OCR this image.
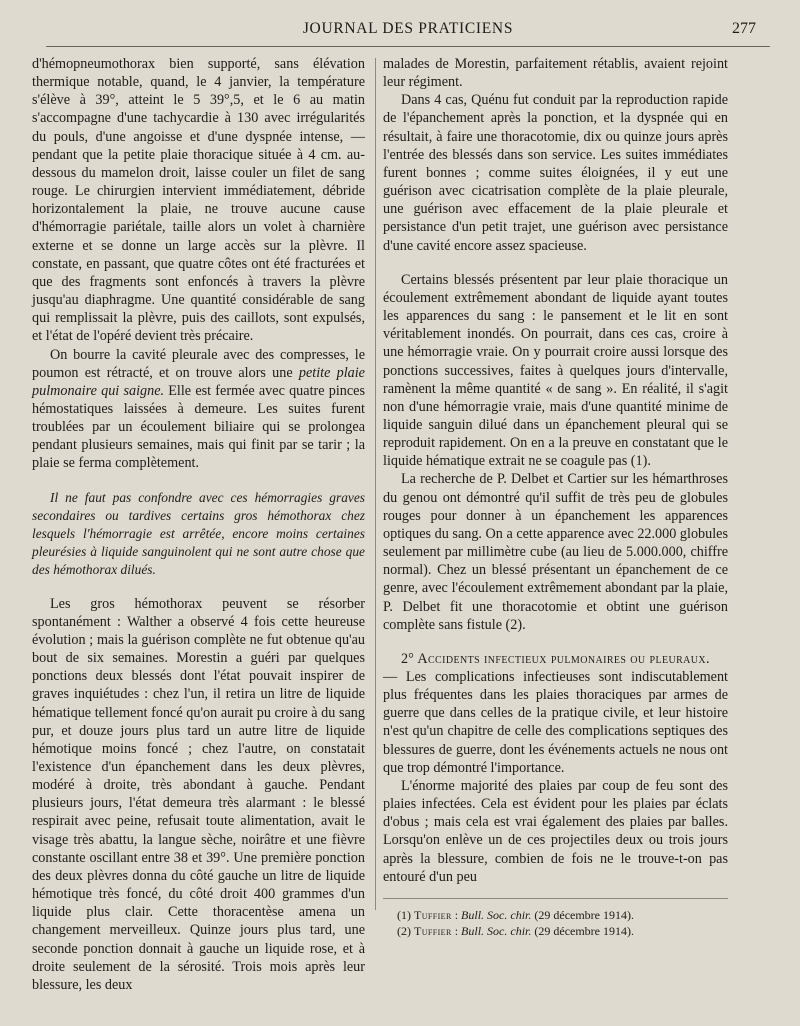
JOURNAL DES PRATICIENS	277

d'hémopneumothorax bien supporté, sans élévation thermique notable, quand, le 4 janvier, la température s'élève à 39°, atteint le 5 39°,5, et le 6 au matin s'accompagne d'une tachycardie à 130 avec irrégularités du pouls, d'une angoisse et d'une dyspnée intense, — pendant que la petite plaie thoracique située à 4 cm. au-dessous du mamelon droit, laisse couler un filet de sang rouge. Le chirurgien intervient immédiatement, débride horizontalement la plaie, ne trouve aucune cause d'hémorragie pariétale, taille alors un volet à charnière externe et se donne un large accès sur la plèvre. Il constate, en passant, que quatre côtes ont été fracturées et que des fragments sont enfoncés à travers la plèvre jusqu'au diaphragme. Une quantité considérable de sang qui remplissait la plèvre, puis des caillots, sont expulsés, et l'état de l'opéré devient très précaire.

On bourre la cavité pleurale avec des compresses, le poumon est rétracté, et on trouve alors une petite plaie pulmonaire qui saigne. Elle est fermée avec quatre pinces hémostatiques laissées à demeure. Les suites furent troublées par un écoulement biliaire qui se prolongea pendant plusieurs semaines, mais qui finit par se tarir ; la plaie se ferma complètement.

Il ne faut pas confondre avec ces hémorragies graves secondaires ou tardives certains gros hémothorax chez lesquels l'hémorragie est arrêtée, encore moins certaines pleurésies à liquide sanguinolent qui ne sont autre chose que des hémothorax dilués.

Les gros hémothorax peuvent se résorber spontanément : Walther a observé 4 fois cette heureuse évolution ; mais la guérison complète ne fut obtenue qu'au bout de six semaines. Morestin a guéri par quelques ponctions deux blessés dont l'état pouvait inspirer de graves inquiétudes : chez l'un, il retira un litre de liquide hématique tellement foncé qu'on aurait pu croire à du sang pur, et douze jours plus tard un autre litre de liquide hémotique moins foncé ; chez l'autre, on constatait l'existence d'un épanchement dans les deux plèvres, modéré à droite, très abondant à gauche. Pendant plusieurs jours, l'état demeura très alarmant : le blessé respirait avec peine, refusait toute alimentation, avait le visage très abattu, la langue sèche, noirâtre et une fièvre constante oscillant entre 38 et 39°. Une première ponction des deux plèvres donna du côté gauche un litre de liquide hémotique très foncé, du côté droit 400 grammes d'un liquide plus clair. Cette thoracentèse amena un changement merveilleux. Quinze jours plus tard, une seconde ponction donnait à gauche un liquide rose, et à droite seulement de la sérosité. Trois mois après leur blessure, les deux

malades de Morestin, parfaitement rétablis, avaient rejoint leur régiment.

Dans 4 cas, Quénu fut conduit par la reproduction rapide de l'épanchement après la ponction, et la dyspnée qui en résultait, à faire une thoracotomie, dix ou quinze jours après l'entrée des blessés dans son service. Les suites immédiates furent bonnes ; comme suites éloignées, il y eut une guérison avec cicatrisation complète de la plaie pleurale, une guérison avec effacement de la plaie pleurale et persistance d'un petit trajet, une guérison avec persistance d'une cavité encore assez spacieuse.

Certains blessés présentent par leur plaie thoracique un écoulement extrêmement abondant de liquide ayant toutes les apparences du sang : le pansement et le lit en sont véritablement inondés. On pourrait, dans ces cas, croire à une hémorragie vraie. On y pourrait croire aussi lorsque des ponctions successives, faites à quelques jours d'intervalle, ramènent la même quantité « de sang ». En réalité, il s'agit non d'une hémorragie vraie, mais d'une quantité minime de liquide sanguin dilué dans un épanchement pleural qui se reproduit rapidement. On en a la preuve en constatant que le liquide hématique extrait ne se coagule pas (1).

La recherche de P. Delbet et Cartier sur les hémarthroses du genou ont démontré qu'il suffit de très peu de globules rouges pour donner à un épanchement les apparences optiques du sang. On a cette apparence avec 22.000 globules seulement par millimètre cube (au lieu de 5.000.000, chiffre normal). Chez un blessé présentant un épanchement de ce genre, avec l'écoulement extrêmement abondant par la plaie, P. Delbet fit une thoracotomie et obtint une guérison complète sans fistule (2).

2° Accidents infectieux pulmonaires ou pleuraux.

— Les complications infectieuses sont indiscutablement plus fréquentes dans les plaies thoraciques par armes de guerre que dans celles de la pratique civile, et leur histoire n'est qu'un chapitre de celle des complications septiques des blessures de guerre, dont les événements actuels ne nous ont que trop démontré l'importance.

L'énorme majorité des plaies par coup de feu sont des plaies infectées. Cela est évident pour les plaies par éclats d'obus ; mais cela est vrai également des plaies par balles. Lorsqu'on enlève un de ces projectiles deux ou trois jours après la blessure, combien de fois ne le trouve-t-on pas entouré d'un peu

(1) Tuffier : Bull. Soc. chir. (29 décembre 1914).
(2) Tuffier : Bull. Soc. chir. (29 décembre 1914).
